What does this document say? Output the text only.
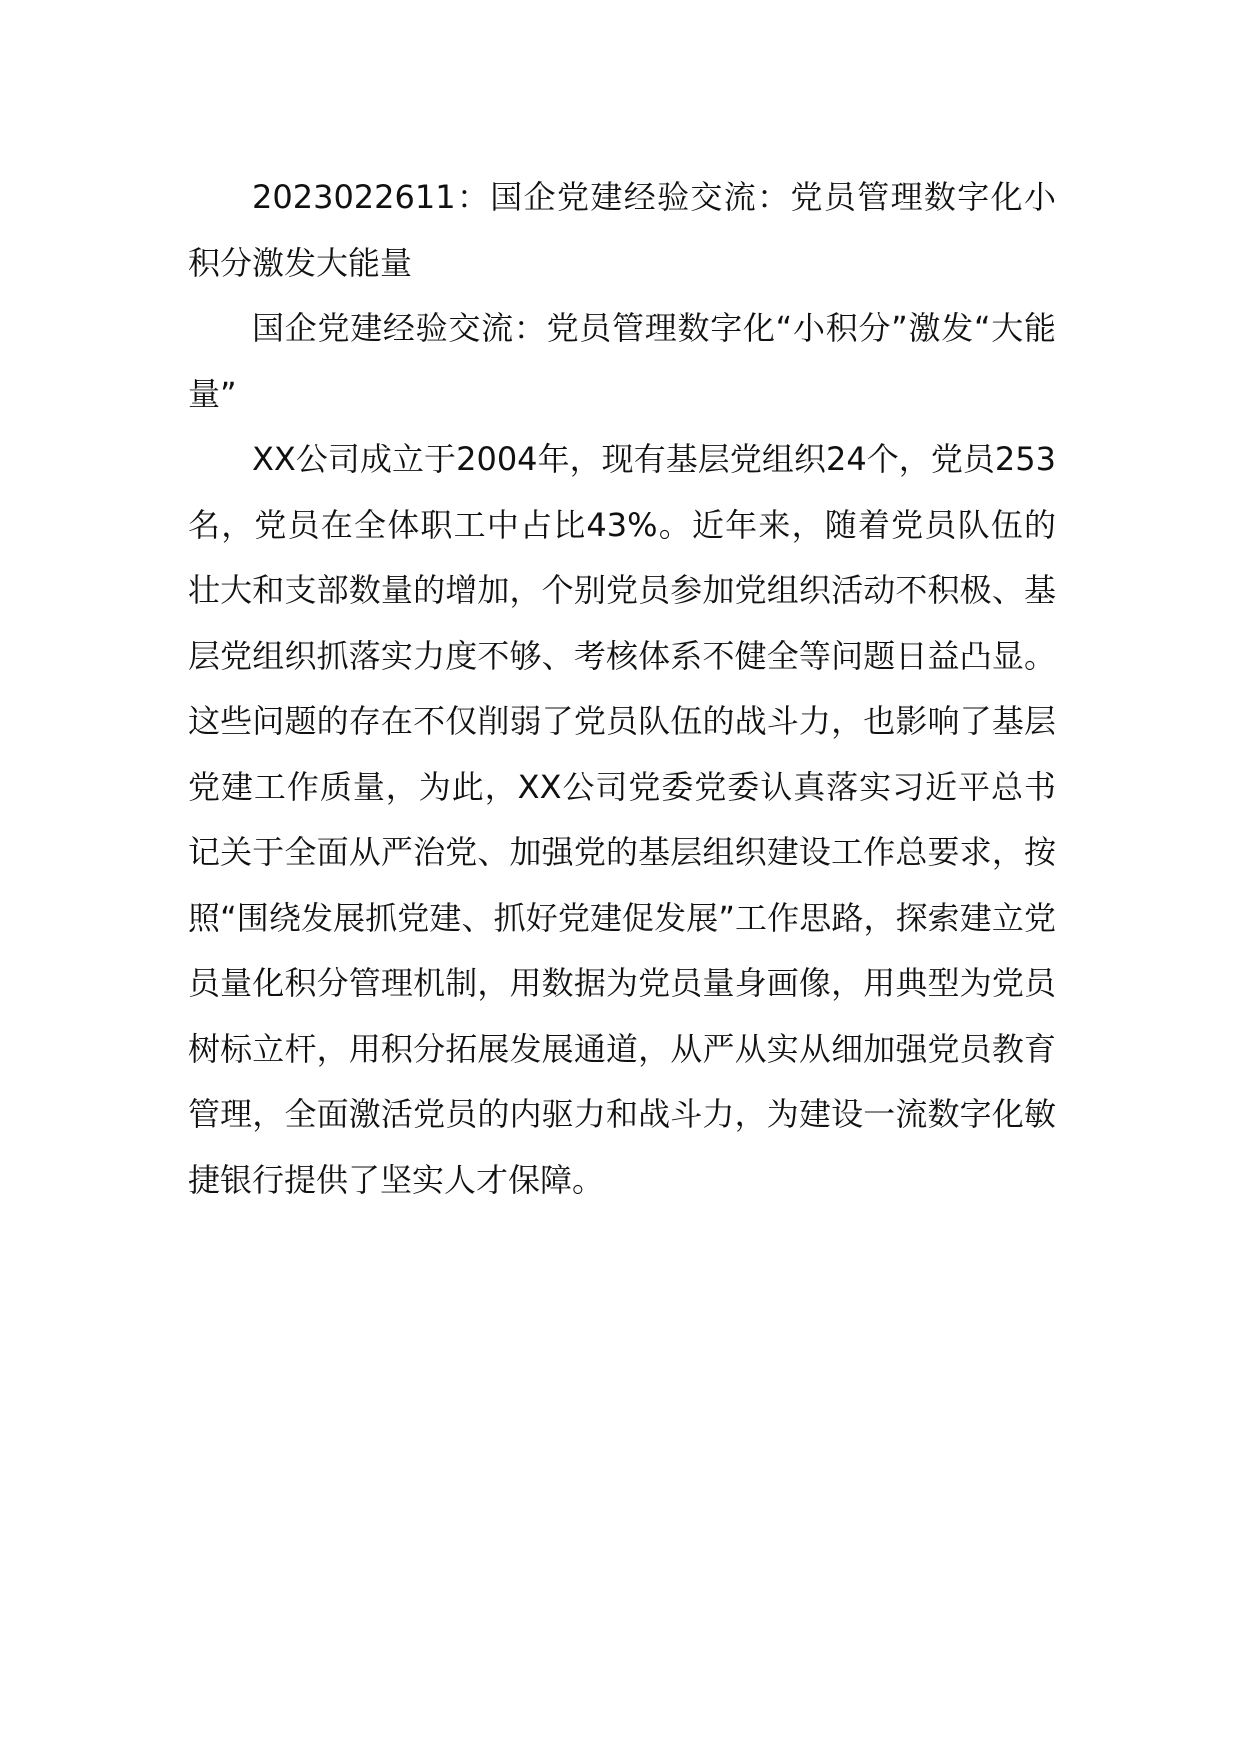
2023022611：国企党建经验交流：党员管理数字化小积分激发大能量

国企党建经验交流：党员管理数字化“小积分”激发“大能量”

XX公司成立于2004年，现有基层党组织24个，党员253名，党员在全体职工中占比43%。近年来，随着党员队伍的壮大和支部数量的增加，个别党员参加党组织活动不积极、基层党组织抓落实力度不够、考核体系不健全等问题日益凸显。这些问题的存在不仅削弱了党员队伍的战斗力，也影响了基层党建工作质量，为此，XX公司党委党委认真落实习近平总书记关于全面从严治党、加强党的基层组织建设工作总要求，按照“围绕发展抓党建、抓好党建促发展”工作思路，探索建立党员量化积分管理机制，用数据为党员量身画像，用典型为党员树标立杆，用积分拓展发展通道，从严从实从细加强党员教育管理，全面激活党员的内驱力和战斗力，为建设一流数字化敏捷银行提供了坚实人才保障。
